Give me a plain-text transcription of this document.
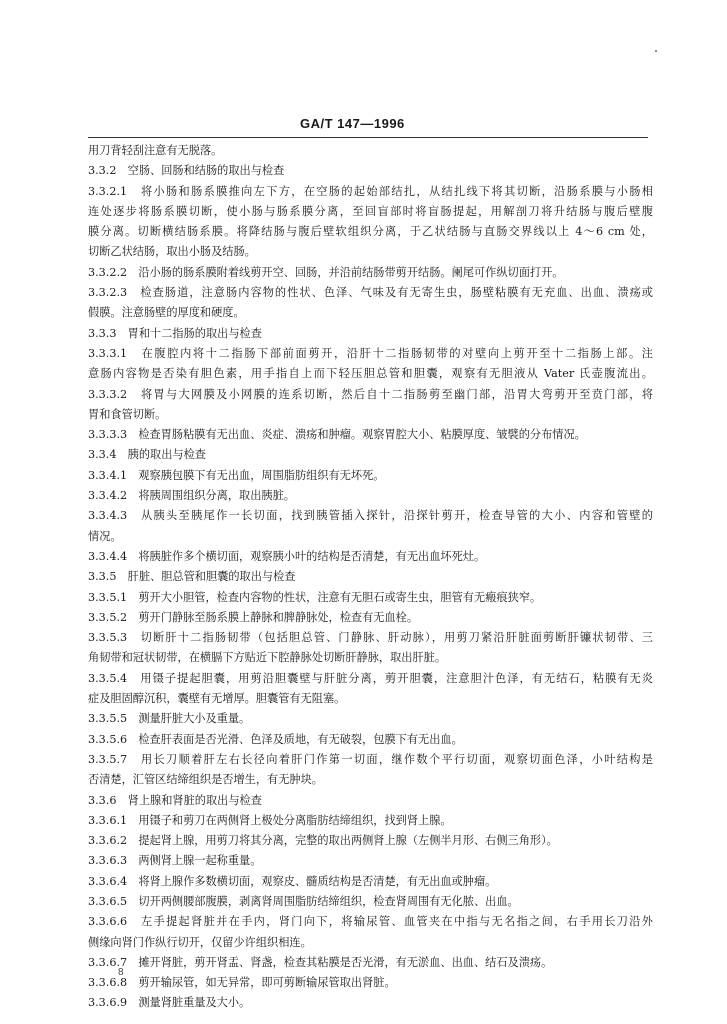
GA/T 147—1996
用刀背轻刮注意有无脱落。
3.3.2　空肠、回肠和结肠的取出与检查
3.3.2.1　将小肠和肠系膜推向左下方，在空肠的起始部结扎，从结扎线下将其切断，沿肠系膜与小肠相
连处逐步将肠系膜切断，使小肠与肠系膜分离，至回盲部时将盲肠提起，用解剖刀将升结肠与腹后壁腹
膜分离。切断横结肠系膜。将降结肠与腹后壁软组织分离，于乙状结肠与直肠交界线以上 4～6 cm 处，
切断乙状结肠，取出小肠及结肠。
3.3.2.2　沿小肠的肠系膜附着线剪开空、回肠，并沿前结肠带剪开结肠。阑尾可作纵切面打开。
3.3.2.3　检查肠道，注意肠内容物的性状、色泽、气味及有无寄生虫，肠壁粘膜有无充血、出血、溃疡或
假膜。注意肠壁的厚度和硬度。
3.3.3　胃和十二指肠的取出与检查
3.3.3.1　在腹腔内将十二指肠下部前面剪开，沿肝十二指肠韧带的对壁向上剪开至十二指肠上部。注
意肠内容物是否染有胆色素，用手指自上而下轻压胆总管和胆囊，观察有无胆液从 Vater 氏壶腹流出。
3.3.3.2　将胃与大网膜及小网膜的连系切断，然后自十二指肠剪至幽门部，沿胃大弯剪开至贲门部，将
胃和食管切断。
3.3.3.3　检查胃肠粘膜有无出血、炎症、溃疡和肿瘤。观察胃腔大小、粘膜厚度、皱襞的分布情况。
3.3.4　胰的取出与检查
3.3.4.1　观察胰包膜下有无出血，周围脂肪组织有无坏死。
3.3.4.2　将胰周围组织分离，取出胰脏。
3.3.4.3　从胰头至胰尾作一长切面，找到胰管插入探针，沿探针剪开，检查导管的大小、内容和管壁的
情况。
3.3.4.4　将胰脏作多个横切面，观察胰小叶的结构是否清楚，有无出血坏死灶。
3.3.5　肝脏、胆总管和胆囊的取出与检查
3.3.5.1　剪开大小胆管，检查内容物的性状，注意有无胆石或寄生虫，胆管有无瘢痕狭窄。
3.3.5.2　剪开门静脉至肠系膜上静脉和脾静脉处，检查有无血栓。
3.3.5.3　切断肝十二指肠韧带（包括胆总管、门静脉、肝动脉），用剪刀紧沿肝脏面剪断肝镰状韧带、三
角韧带和冠状韧带，在横膈下方贴近下腔静脉处切断肝静脉，取出肝脏。
3.3.5.4　用镊子提起胆囊，用剪沿胆囊壁与肝脏分离，剪开胆囊，注意胆汁色泽，有无结石，粘膜有无炎
症及胆固醇沉积，囊壁有无增厚。胆囊管有无阻塞。
3.3.5.5　测量肝脏大小及重量。
3.3.5.6　检查肝表面是否光滑、色泽及质地，有无破裂，包膜下有无出血。
3.3.5.7　用长刀顺着肝左右长径向着肝门作第一切面，继作数个平行切面，观察切面色泽，小叶结构是
否清楚，汇管区结缔组织是否增生，有无肿块。
3.3.6　肾上腺和肾脏的取出与检查
3.3.6.1　用镊子和剪刀在两侧肾上极处分离脂肪结缔组织，找到肾上腺。
3.3.6.2　提起肾上腺，用剪刀将其分离，完整的取出两侧肾上腺（左侧半月形、右侧三角形）。
3.3.6.3　两侧肾上腺一起称重量。
3.3.6.4　将肾上腺作多数横切面，观察皮、髓质结构是否清楚，有无出血或肿瘤。
3.3.6.5　切开两侧腰部腹膜，剥离肾周围脂肪结缔组织，检查肾周围有无化脓、出血。
3.3.6.6　左手提起肾脏并在手内，肾门向下，将输尿管、血管夹在中指与无名指之间，右手用长刀沿外
侧缘向肾门作纵行切开，仅留少许组织相连。
3.3.6.7　摊开肾脏，剪开肾盂、肾盏，检查其粘膜是否光滑，有无淤血、出血、结石及溃疡。
3.3.6.8　剪开输尿管，如无异常，即可剪断输尿管取出肾脏。
3.3.6.9　测量肾脏重量及大小。
8
